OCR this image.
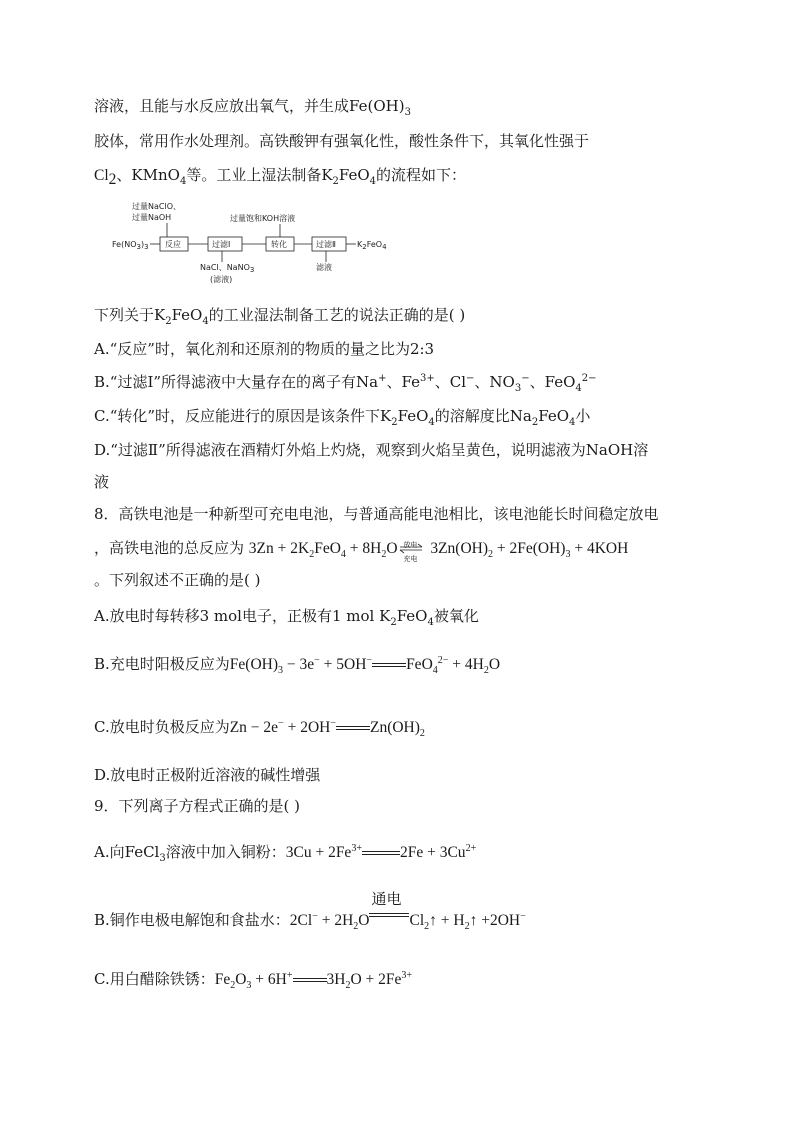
溶液，且能与水反应放出氧气，并生成$Fe(OH)_3$
胶体，常用作水处理剂。高铁酸钾有强氧化性，酸性条件下，其氧化性强于
$Cl_2$、KMnO$_4$等。工业上湿法制备$K_2FeO_4$的流程如下：
过量NaClO、
过量NaOH	过量饱和KOH溶液
Fe(NO3)3 反应	过滤Ⅰ	转化	过滤Ⅱ	K2FeO4
NaCl、NaNO3
(滤液)
滤液
下列关于$K_2FeO_4$的工业湿法制备工艺的说法正确的是( )
A.“反应”时，氧化剂和还原剂的物质的量之比为2:3
B.“过滤Ⅰ”所得滤液中大量存在的离子有Na+、$Fe^{3+}$、Cl−、$NO_3^-$、FeO$_4^{2-}$
C.“转化”时，反应能进行的原因是该条件下$K_2FeO_4$的溶解度比$Na_2FeO_4$小
D.“过滤Ⅱ”所得滤液在酒精灯外焰上灼烧，观察到火焰呈黄色，说明滤液为NaOH溶
液
8．高铁电池是一种新型可充电电池，与普通高能电池相比，该电池能长时间稳定放电
，高铁电池的总反应为 $3Zn + 2K_2FeO_4 + 8H_2O$ 放电
充电
$3Zn(OH)_2 + 2Fe(OH)_3 + 4KOH$
。下列叙述不正确的是( )
A.放电时每转移3 mol电子，正极有1 mol $K_2FeO_4$被氧化
B.充电时阳极反应为$Fe(OH)_3 - 3e^- + 5OH^-$ $FeO_4^{2-} + 4H_2O$
C.放电时负极反应为Zn − 2e− + 2OH− $Zn(OH)_2$
D.放电时正极附近溶液的碱性增强
9．下列离子方程式正确的是( )
A.向FeCl$_3$溶液中加入铜粉：$3Cu + 2Fe^{3+}$ $2Fe + 3Cu^{2+}$
B.铜作电极电解饱和食盐水：$2Cl^- + 2H_2O$
通电
$Cl_2↑$ + $H_2↑ +2OH^-$
C.用白醋除铁锈：$Fe_2O_3 + 6H^+$ $3H_2O + 2Fe^{3+}$
